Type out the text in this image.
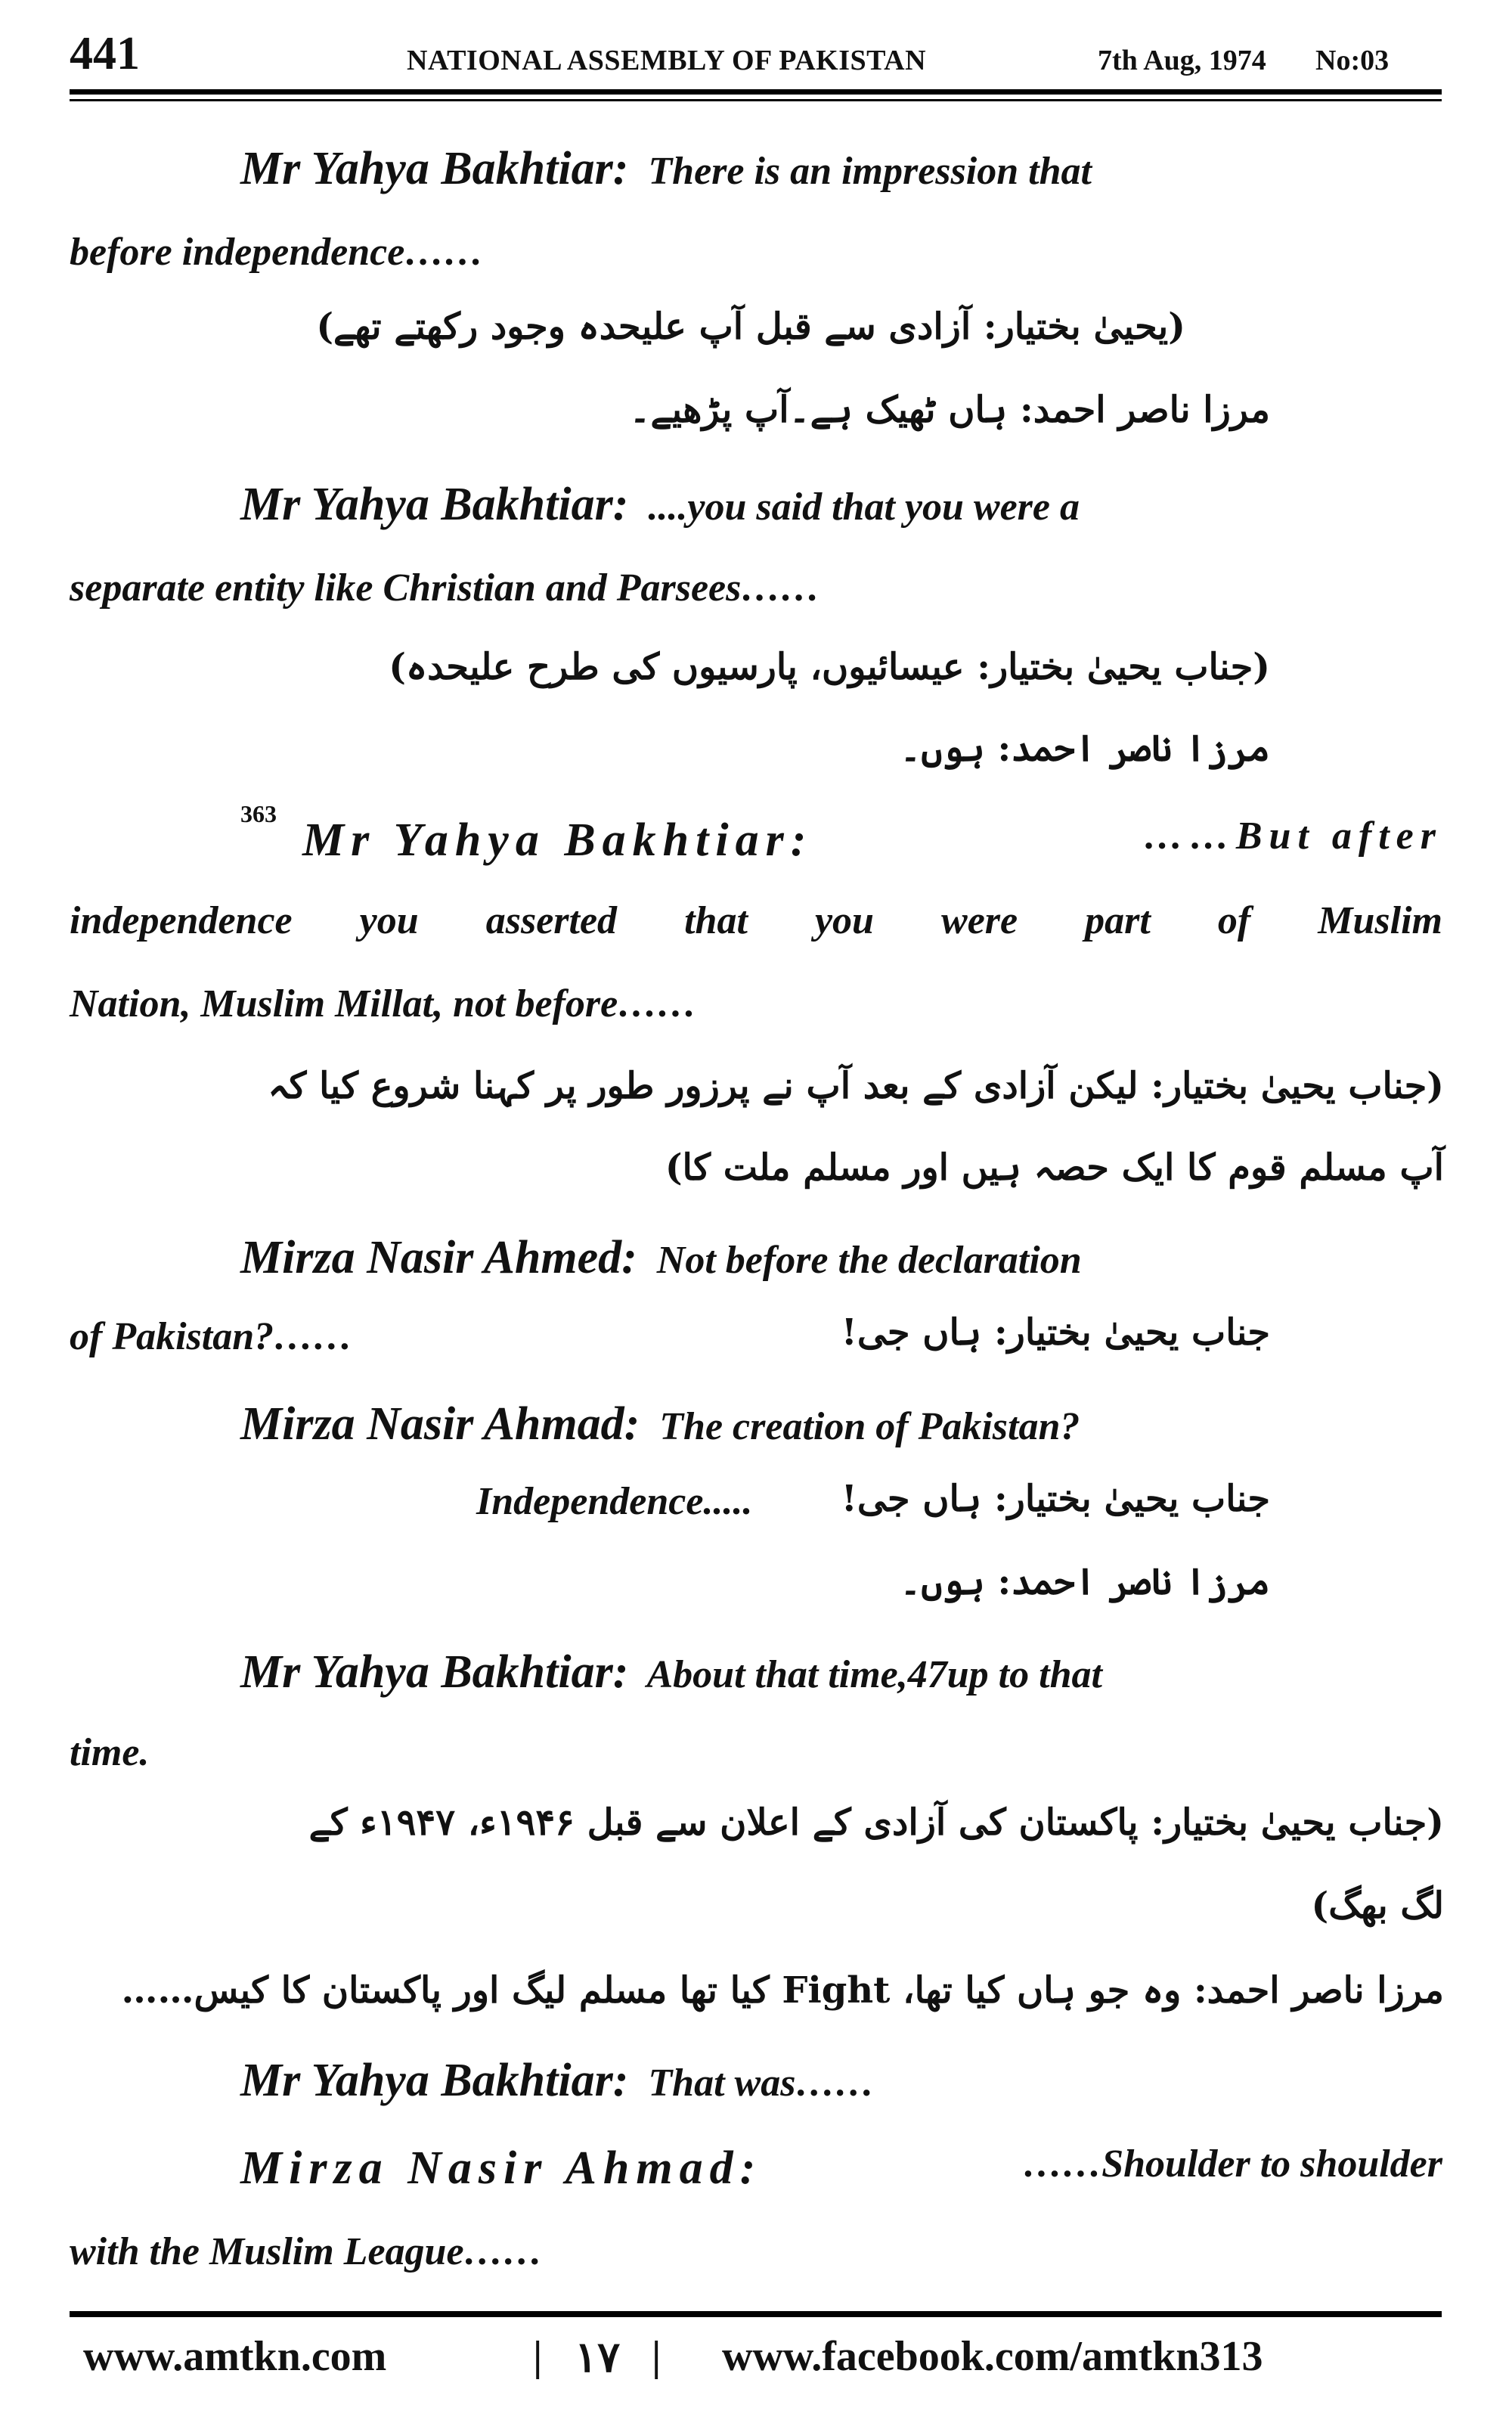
441	NATIONAL ASSEMBLY OF PAKISTAN	7th Aug, 1974 No:03
Mr Yahya Bakhtiar: There is an impression that
before independence……
(یحییٰ بختیار: آزادی سے قبل آپ علیحدہ وجود رکھتے تھے)
مرزا ناصر احمد: ہاں ٹھیک ہے۔آپ پڑھیے۔
Mr Yahya Bakhtiar: ....you said that you were a
separate entity like Christian and Parsees……
(جناب یحییٰ بختیار: عیسائیوں، پارسیوں کی طرح علیحدہ)
مرزا ناصر احمد: ہوں۔
363
Mr Yahya Bakhtiar:	……But after
independence you asserted that you were part of Muslim
Nation, Muslim Millat, not before……
(جناب یحییٰ بختیار: لیکن آزادی کے بعد آپ نے پرزور طور پر کہنا شروع کیا کہ
آپ مسلم قوم کا ایک حصہ ہیں اور مسلم ملت کا)
Mirza Nasir Ahmed: Not before the declaration
of Pakistan?……	جناب یحییٰ بختیار: ہاں جی!
Mirza Nasir Ahmad: The creation of Pakistan?
Independence..... جناب یحییٰ بختیار: ہاں جی!
مرزا ناصر احمد: ہوں۔
Mr Yahya Bakhtiar: About that time,47up to that
time.
(جناب یحییٰ بختیار: پاکستان کی آزادی کے اعلان سے قبل ۱۹۴۶ء، ۱۹۴۷ء کے
لگ بھگ)
مرزا ناصر احمد: وہ جو ہاں کیا تھا، Fight کیا تھا مسلم لیگ اور پاکستان کا کیس……
Mr Yahya Bakhtiar: That was……
Mirza Nasir Ahmad:	……Shoulder to shoulder
with the Muslim League……
www.amtkn.com	| ۱۷ | www.facebook.com/amtkn313
